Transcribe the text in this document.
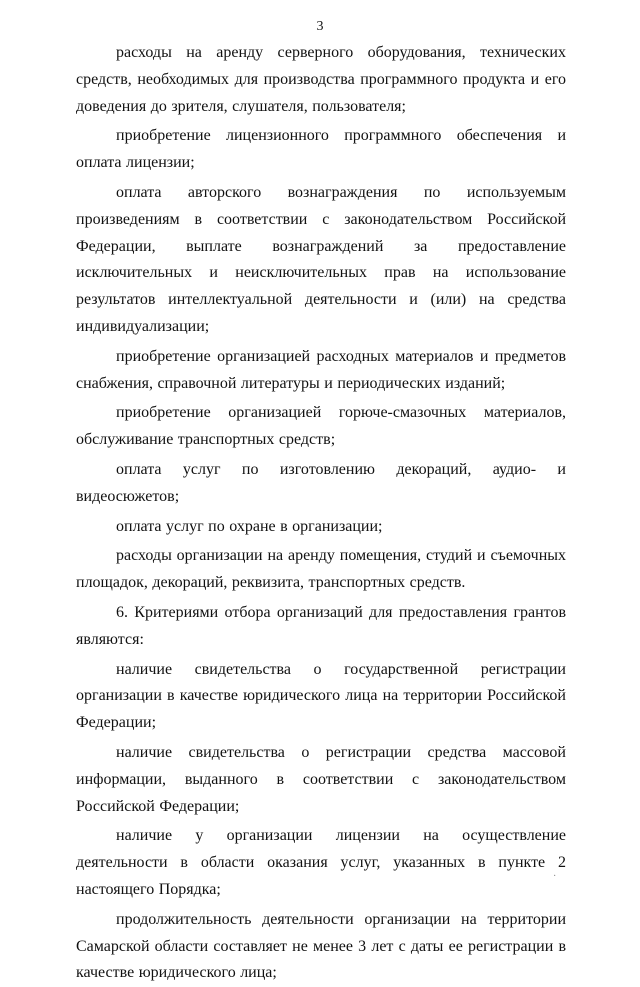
3

расходы на аренду серверного оборудования, технических средств, необходимых для производства программного продукта и его доведения до зрителя, слушателя, пользователя;

приобретение лицензионного программного обеспечения и оплата лицензии;

оплата авторского вознаграждения по используемым произведениям в соответствии с законодательством Российской Федерации, выплате вознаграждений за предоставление исключительных и неисключительных прав на использование результатов интеллектуальной деятельности и (или) на средства индивидуализации;

приобретение организацией расходных материалов и предметов снабжения, справочной литературы и периодических изданий;

приобретение организацией горюче-смазочных материалов, обслуживание транспортных средств;

оплата услуг по изготовлению декораций, аудио- и видеосюжетов;

оплата услуг по охране в организации;

расходы организации на аренду помещения, студий и съемочных площадок, декораций, реквизита, транспортных средств.

6. Критериями отбора организаций для предоставления грантов являются:

наличие свидетельства о государственной регистрации организации в качестве юридического лица на территории Российской Федерации;

наличие свидетельства о регистрации средства массовой информации, выданного в соответствии с законодательством Российской Федерации;

наличие у организации лицензии на осуществление деятельности в области оказания услуг, указанных в пункте 2 настоящего Порядка;

продолжительность деятельности организации на территории Самарской области составляет не менее 3 лет с даты ее регистрации в качестве юридического лица;

·
